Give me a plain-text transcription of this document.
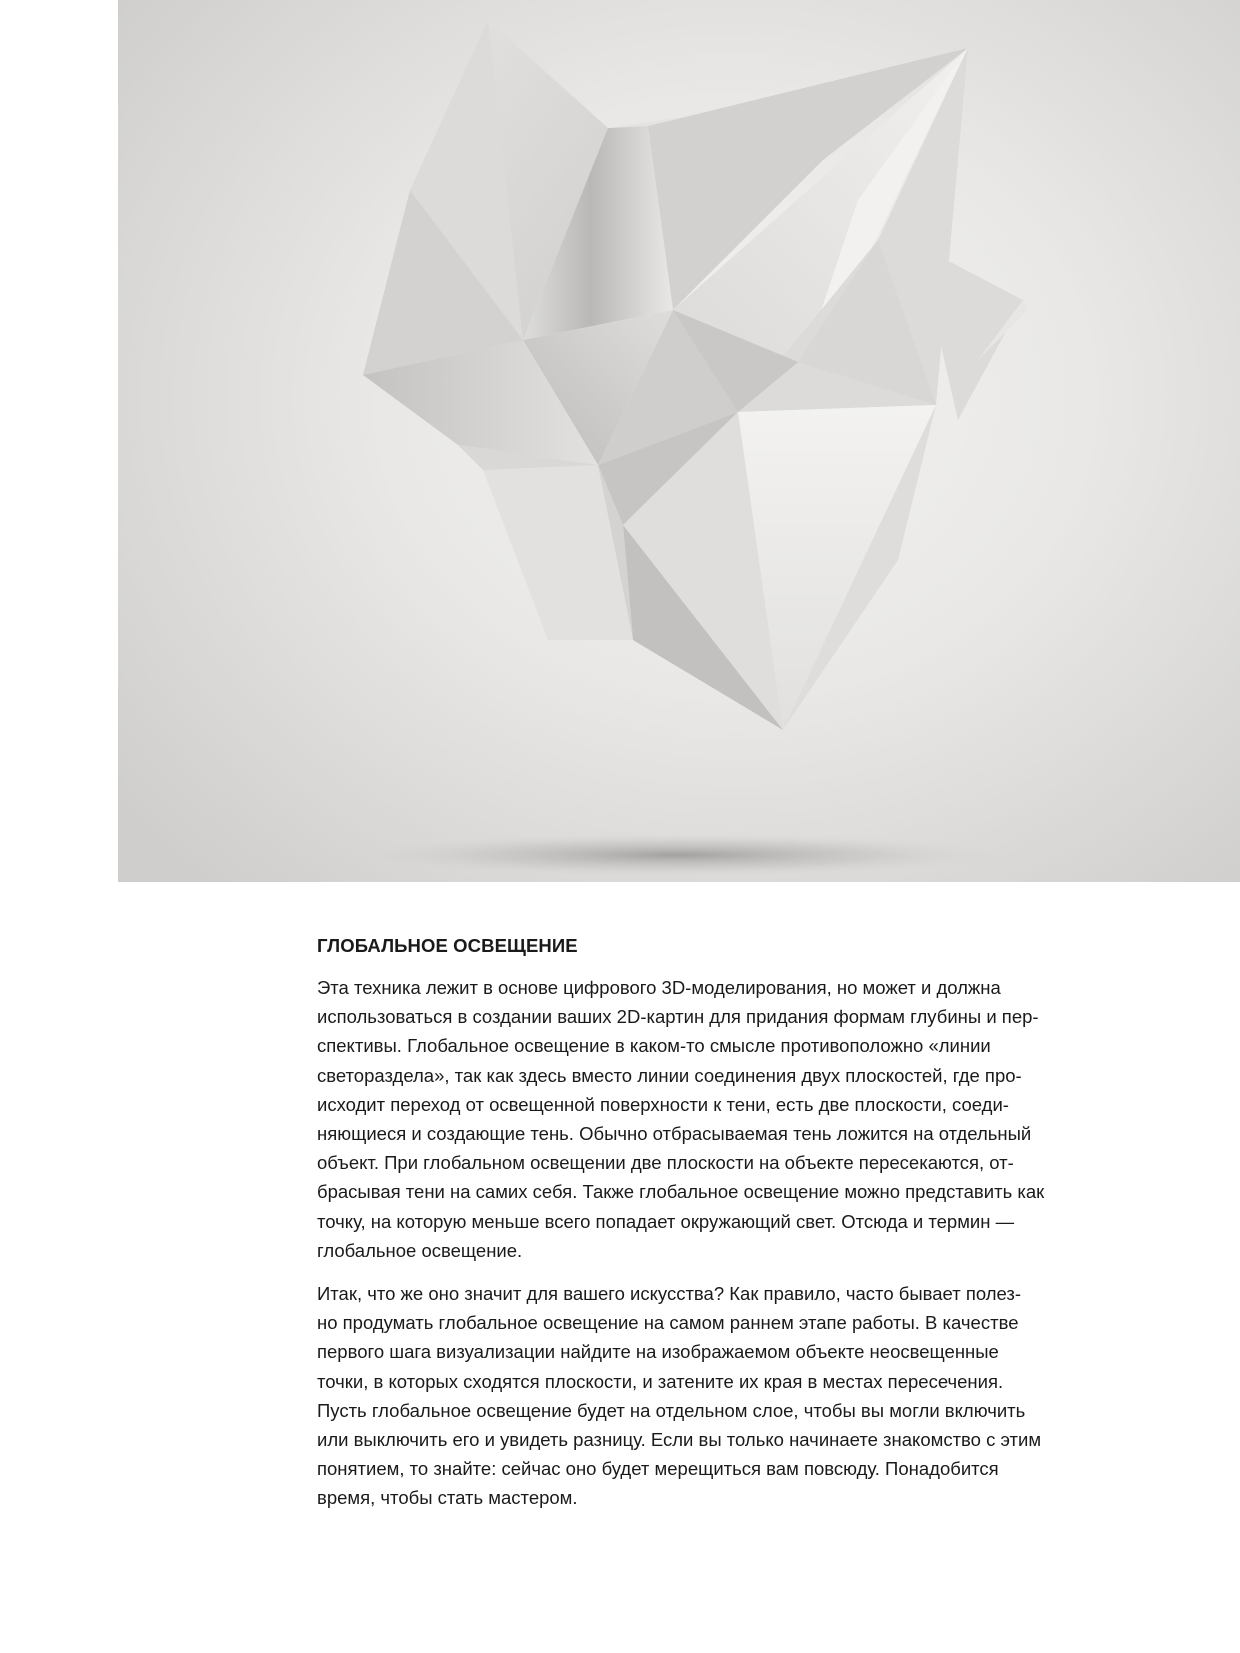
ГЛОБАЛЬНОЕ ОСВЕЩЕНИЕ

Эта техника лежит в основе цифрового 3D-моделирования, но может и должна
использоваться в создании ваших 2D-картин для придания формам глубины и пер-
спективы. Глобальное освещение в каком-то смысле противоположно «линии
светораздела», так как здесь вместо линии соединения двух плоскостей, где про-
исходит переход от освещенной поверхности к тени, есть две плоскости, соеди-
няющиеся и создающие тень. Обычно отбрасываемая тень ложится на отдельный
объект. При глобальном освещении две плоскости на объекте пересекаются, от-
брасывая тени на самих себя. Также глобальное освещение можно представить как
точку, на которую меньше всего попадает окружающий свет. Отсюда и термин —
глобальное освещение.

Итак, что же оно значит для вашего искусства? Как правило, часто бывает полез-
но продумать глобальное освещение на самом раннем этапе работы. В качестве
первого шага визуализации найдите на изображаемом объекте неосвещенные
точки, в которых сходятся плоскости, и затените их края в местах пересечения.
Пусть глобальное освещение будет на отдельном слое, чтобы вы могли включить
или выключить его и увидеть разницу. Если вы только начинаете знакомство с этим
понятием, то знайте: сейчас оно будет мерещиться вам повсюду. Понадобится
время, чтобы стать мастером.
